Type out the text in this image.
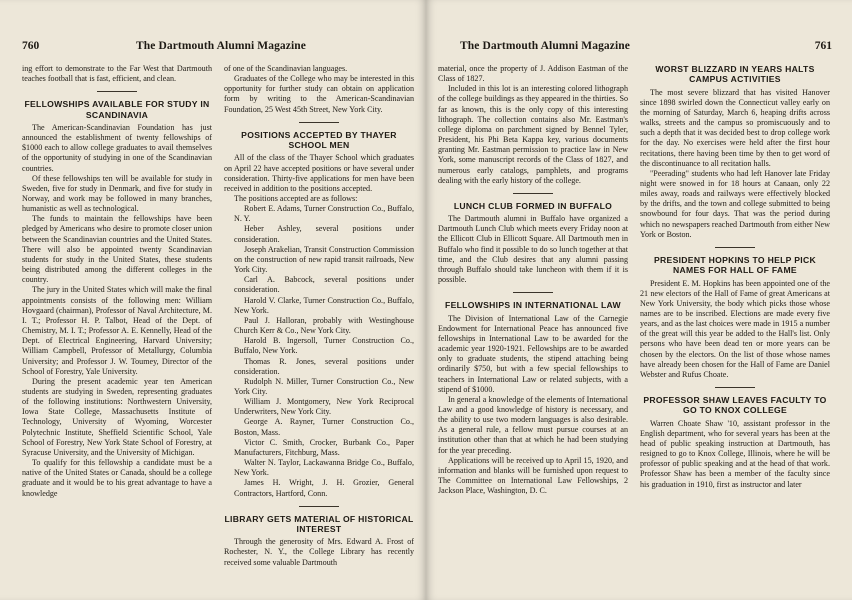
760	The Dartmouth Alumni Magazine

ing effort to demonstrate to the Far West that Dartmouth teaches football that is fast, efficient, and clean.

FELLOWSHIPS AVAILABLE FOR STUDY IN SCANDINAVIA

The American-Scandinavian Foundation has just announced the establishment of twenty fellowships of $1000 each to allow college graduates to avail themselves of the opportunity of studying in one of the Scandinavian countries.

Of these fellowships ten will be available for study in Sweden, five for study in Denmark, and five for study in Norway, and work may be followed in many branches, humanistic as well as technological.

The funds to maintain the fellowships have been pledged by Americans who desire to promote closer union between the Scandinavian countries and the United States. There will also be appointed twenty Scandinavian students for study in the United States, these students being distributed among the different colleges in the country.

The jury in the United States which will make the final appointments consists of the following men: William Hovgaard (chairman), Professor of Naval Architecture, M. I. T.; Professor H. P. Talbot, Head of the Dept. of Chemistry, M. I. T.; Professor A. E. Kennelly, Head of the Dept. of Electrical Engineering, Harvard University; William Campbell, Professor of Metallurgy, Columbia University; and Professor J. W. Toumey, Director of the School of Forestry, Yale University.

During the present academic year ten American students are studying in Sweden, representing graduates of the following institutions: Northwestern University, Iowa State College, Massachusetts Institute of Technology, University of Wyoming, Worcester Polytechnic Institute, Sheffield Scientific School, Yale School of Forestry, New York State School of Forestry, at Syracuse University, and the University of Michigan.

To qualify for this fellowship a candidate must be a native of the United States or Canada, should be a college graduate and it would be to his great advantage to have a knowledge

of one of the Scandinavian languages.

Graduates of the College who may be interested in this opportunity for further study can obtain on application form by writing to the American-Scandinavian Foundation, 25 West 45th Street, New York City.

POSITIONS ACCEPTED BY THAYER SCHOOL MEN

All of the class of the Thayer School which graduates on April 22 have accepted positions or have several under consideration. Thirty-five applications for men have been received in addition to the positions accepted.

The positions accepted are as follows:

Robert E. Adams, Turner Construction Co., Buffalo, N. Y.

Heber Ashley, several positions under consideration.

Joseph Arakelian, Transit Construction Commission on the construction of new rapid transit railroads, New York City.

Carl A. Babcock, several positions under consideration.

Harold V. Clarke, Turner Construction Co., Buffalo, New York.

Paul J. Halloran, probably with Westinghouse Church Kerr & Co., New York City.

Harold B. Ingersoll, Turner Construction Co., Buffalo, New York.

Thomas R. Jones, several positions under consideration.

Rudolph N. Miller, Turner Construction Co., New York City.

William J. Montgomery, New York Reciprocal Underwriters, New York City.

George A. Rayner, Turner Construction Co., Boston, Mass.

Victor C. Smith, Crocker, Burbank Co., Paper Manufacturers, Fitchburg, Mass.

Walter N. Taylor, Lackawanna Bridge Co., Buffalo, New York.

James H. Wright, J. H. Grozier, General Contractors, Hartford, Conn.

LIBRARY GETS MATERIAL OF HISTORICAL INTEREST

Through the generosity of Mrs. Edward A. Frost of Rochester, N. Y., the College Library has recently received some valuable Dartmouth

The Dartmouth Alumni Magazine	761

material, once the property of J. Addison Eastman of the Class of 1827.

Included in this lot is an interesting colored lithograph of the college buildings as they appeared in the thirties. So far as known, this is the only copy of this interesting lithograph. The collection contains also Mr. Eastman's college diploma on parchment signed by Bennel Tyler, President, his Phi Beta Kappa key, various documents granting Mr. Eastman permission to practice law in New York, some manuscript records of the Class of 1827, and numerous early catalogs, pamphlets, and programs dealing with the early history of the college.

LUNCH CLUB FORMED IN BUFFALO

The Dartmouth alumni in Buffalo have organized a Dartmouth Lunch Club which meets every Friday noon at the Ellicott Club in Ellicott Square. All Dartmouth men in Buffalo who find it possible to do so lunch together at that time, and the Club desires that any alumni passing through Buffalo should take luncheon with them if it is possible.

FELLOWSHIPS IN INTERNATIONAL LAW

The Division of International Law of the Carnegie Endowment for International Peace has announced five fellowships in International Law to be awarded for the academic year 1920-1921. Fellowships are to be awarded only to graduate students, the stipend attaching being ordinarily $750, but with a few special fellowships to teachers in International Law or related subjects, with a stipend of $1000.

In general a knowledge of the elements of International Law and a good knowledge of history is necessary, and the ability to use two modern languages is also desirable. As a general rule, a fellow must pursue courses at an institution other than that at which he had been studying for the year preceding.

Applications will be received up to April 15, 1920, and information and blanks will be furnished upon request to The Committee on International Law Fellowships, 2 Jackson Place, Washington, D. C.

WORST BLIZZARD IN YEARS HALTS CAMPUS ACTIVITIES

The most severe blizzard that has visited Hanover since 1898 swirled down the Connecticut valley early on the morning of Saturday, March 6, heaping drifts across walks, streets and the campus so promiscuously and to such a depth that it was decided best to drop college work for the day. No exercises were held after the first hour recitations, there having been time by then to get word of the discontinuance to all recitation halls.

"Peerading" students who had left Hanover late Friday night were snowed in for 18 hours at Canaan, only 22 miles away, roads and railways were effectively blocked by the drifts, and the town and college submitted to being snowbound for four days. That was the period during which no newspapers reached Dartmouth from either New York or Boston.

PRESIDENT HOPKINS TO HELP PICK NAMES FOR HALL OF FAME

President E. M. Hopkins has been appointed one of the 21 new electors of the Hall of Fame of great Americans at New York University, the body which picks those whose names are to be inscribed. Elections are made every five years, and as the last choices were made in 1915 a number of the great will this year be added to the Hall's list. Only persons who have been dead ten or more years can be chosen by the electors. On the list of those whose names have already been chosen for the Hall of Fame are Daniel Webster and Rufus Choate.

PROFESSOR SHAW LEAVES FACULTY TO GO TO KNOX COLLEGE

Warren Choate Shaw '10, assistant professor in the English department, who for several years has been at the head of public speaking instruction at Dartmouth, has resigned to go to Knox College, Illinois, where he will be professor of public speaking and at the head of that work. Professor Shaw has been a member of the faculty since his graduation in 1910, first as instructor and later
